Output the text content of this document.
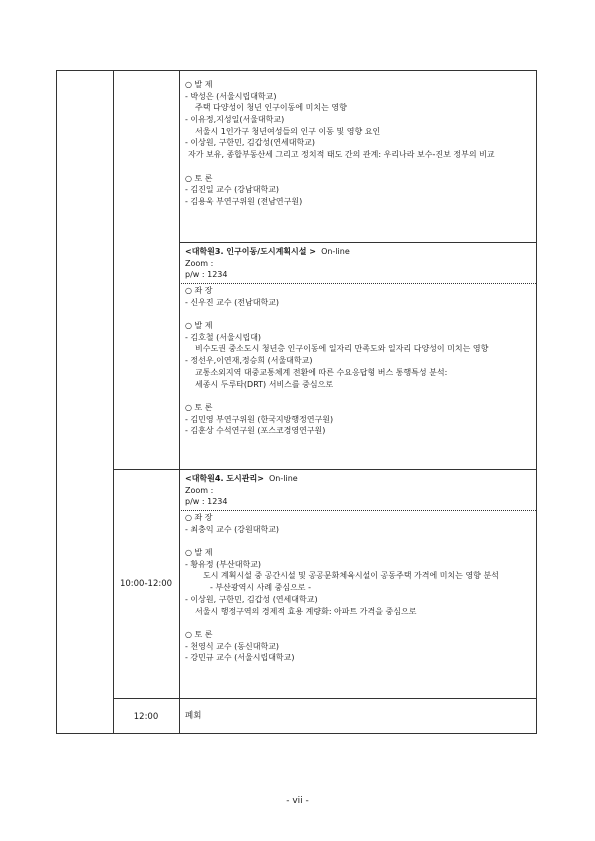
○ 발 제
- 박성은 (서울시립대학교)
주택 다양성이 청년 인구이동에 미치는 영향
- 이유정,지성일(서울대학교)
서울시 1인가구 청년여성들의 인구 이동 및 영향 요인
- 이상원, 구한민, 김갑성(연세대학교)
자가 보유, 종합부동산세 그리고 정치적 태도 간의 관계: 우리나라 보수-진보 정부의 비교
○ 토 론
- 김진일 교수 (강남대학교)
- 김용욱 부연구위원 (전남연구원)
<대학원3. 인구이동/도시계획시설 > On-line
Zoom :
p/w : 1234
○ 좌 장
- 신우진 교수 (전남대학교)
○ 발 제
- 김호철 (서울시립대)
비수도권 중소도시 청년층 인구이동에 일자리 만족도와 일자리 다양성이 미치는 영향
- 정선우,이연재,정승희 (서울대학교)
교통소외지역 대중교통체계 전환에 따른 수요응답형 버스 통행특성 분석:
세종시 두루타(DRT) 서비스를 중심으로
○ 토 론
- 김민영 부연구위원 (한국지방행정연구원)
- 김훈상 수석연구원 (포스코경영연구원)
10:00-12:00
<대학원4. 도시관리> On-line
Zoom :
p/w : 1234
○ 좌 장
- 최충익 교수 (강원대학교)
○ 발 제
- 황유정 (부산대학교)
도시 계획시설 중 공간시설 및 공공문화체육시설이 공동주택 가격에 미치는 영향 분석
- 부산광역시 사례 중심으로 -
- 이상원, 구한민, 김갑성 (연세대학교)
서울시 행정구역의 경제적 효용 계량화: 아파트 가격을 중심으로
○ 토 론
- 천영식 교수 (동신대학교)
- 강민규 교수 (서울시립대학교)
12:00	폐회
- vii -
